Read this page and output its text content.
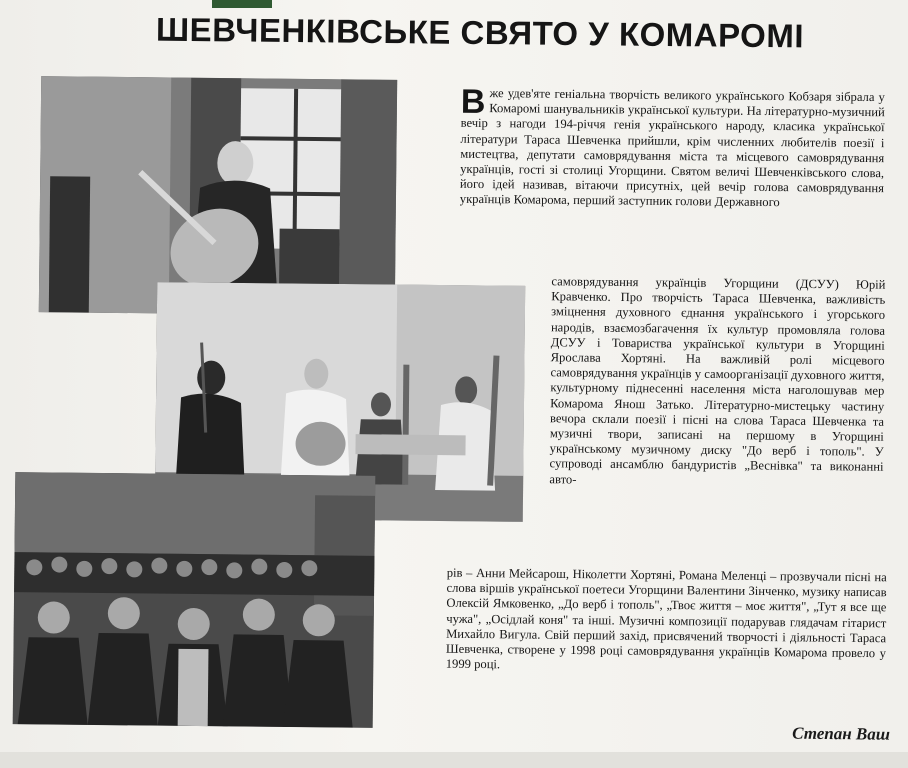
ШЕВЧЕНКІВСЬКЕ СВЯТО У КОМАРОМІ
Вже удев'яте геніальна творчість великого українського Кобзаря зібрала у Комаромі шанувальників української культури. На літературно-музичний вечір з нагоди 194-річчя генія українського народу, класика української літератури Тараса Шевченка прийшли, крім численних любителів поезії і мистецтва, депутати самоврядування міста та місцевого самоврядування українців, гості зі столиці Угорщини. Святом величі Шевченківського слова, його ідей називав, вітаючи присутніх, цей вечір голова самоврядування українців Комарома, перший заступник голови Державного
самоврядування українців Угорщини (ДСУУ) Юрій Кравченко. Про творчість Тараса Шевченка, важливість зміцнення духовного єднання українського і угорського народів, взаємозбагачення їх культур промовляла голова ДСУУ і Товариства української культури в Угорщині Ярослава Хортяні. На важливій ролі місцевого самоврядування українців у самоорганізації духовного життя, культурному піднесенні населення міста наголошував мер Комарома Янош Затько. Літературно-мистецьку частину вечора склали поезії і пісні на слова Тараса Шевченка та музичні твори, записані на першому в Угорщині українському музичному диску "До верб і тополь". У супроводі ансамблю бандуристів „Веснівка" та виконанні авто-
рів – Анни Мейсарош, Ніколетти Хортяні, Романа Меленці – прозвучали пісні на слова віршів української поетеси Угорщини Валентини Зінченко, музику написав Олексій Ямковенко, „До верб і тополь", „Твоє життя – моє життя", „Тут я все ще чужа", „Осідлай коня" та інші. Музичні композиції подарував глядачам гітарист Михайло Вигула. Свій перший захід, присвячений творчості і діяльності Тараса Шевченка, створене у 1998 році самоврядування українців Комарома провело у 1999 році.
Степан Ваш
